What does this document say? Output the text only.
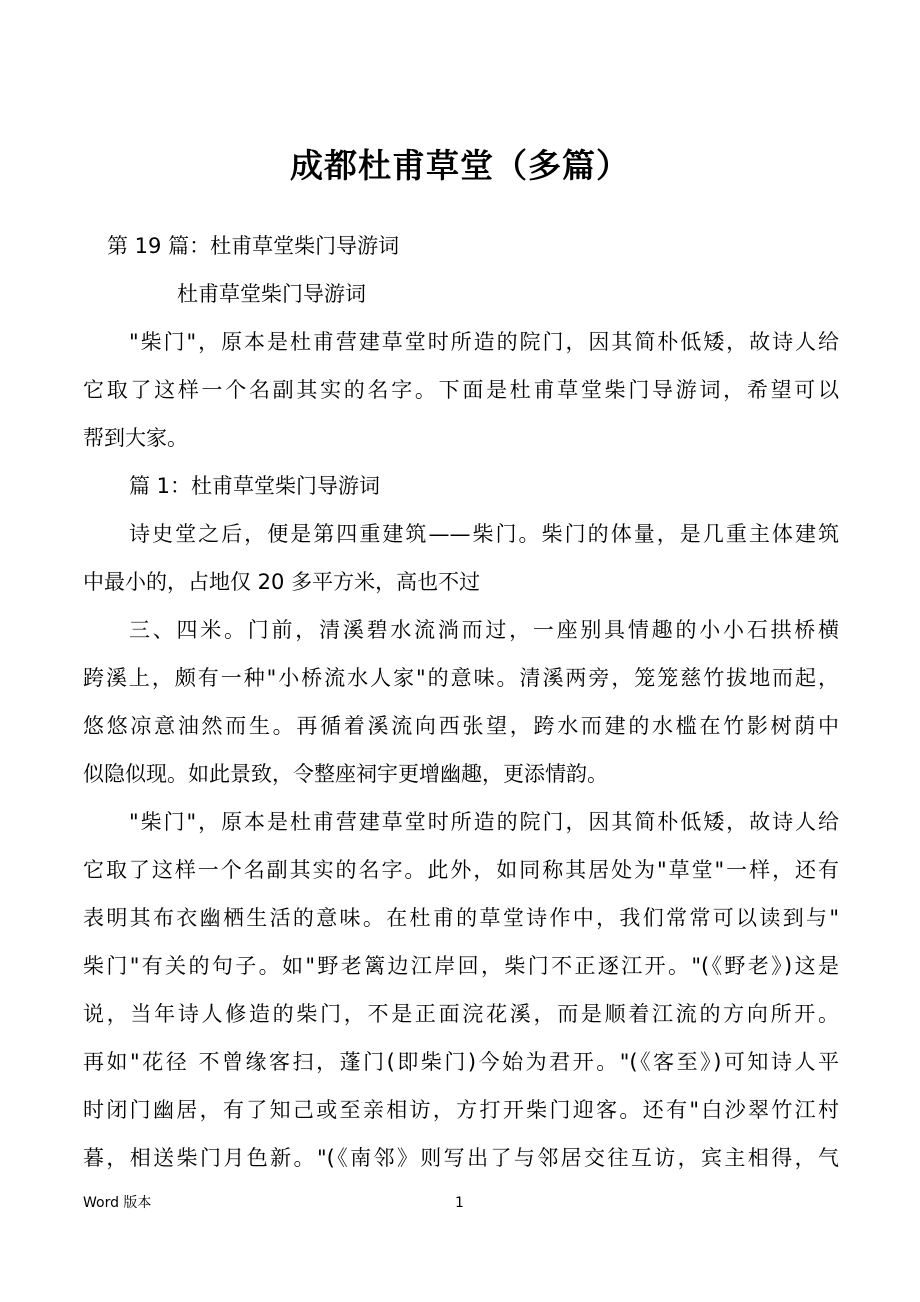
成都杜甫草堂（多篇）
第 19 篇：杜甫草堂柴门导游词
杜甫草堂柴门导游词
"柴门"，原本是杜甫营建草堂时所造的院门，因其简朴低矮，故诗人给
它取了这样一个名副其实的名字。下面是杜甫草堂柴门导游词，希望可以
帮到大家。
篇 1：杜甫草堂柴门导游词
诗史堂之后，便是第四重建筑——柴门。柴门的体量，是几重主体建筑
中最小的，占地仅 20 多平方米，高也不过
三、四米。门前，清溪碧水流淌而过，一座别具情趣的小小石拱桥横
跨溪上，颇有一种"小桥流水人家"的意味。清溪两旁，笼笼慈竹拔地而起，
悠悠凉意油然而生。再循着溪流向西张望，跨水而建的水槛在竹影树荫中
似隐似现。如此景致，令整座祠宇更增幽趣，更添情韵。
"柴门"，原本是杜甫营建草堂时所造的院门，因其简朴低矮，故诗人给
它取了这样一个名副其实的名字。此外，如同称其居处为"草堂"一样，还有
表明其布衣幽栖生活的意味。在杜甫的草堂诗作中，我们常常可以读到与"
柴门"有关的句子。如"野老篱边江岸回，柴门不正逐江开。"(《野老》)这是
说，当年诗人修造的柴门，不是正面浣花溪，而是顺着江流的方向所开。
再如"花径 不曾缘客扫，蓬门(即柴门)今始为君开。"(《客至》)可知诗人平
时闭门幽居，有了知己或至亲相访，方打开柴门迎客。还有"白沙翠竹江村
暮，相送柴门月色新。"(《南邻》则写出了与邻居交往互访，宾主相得，气
Word 版本	1
